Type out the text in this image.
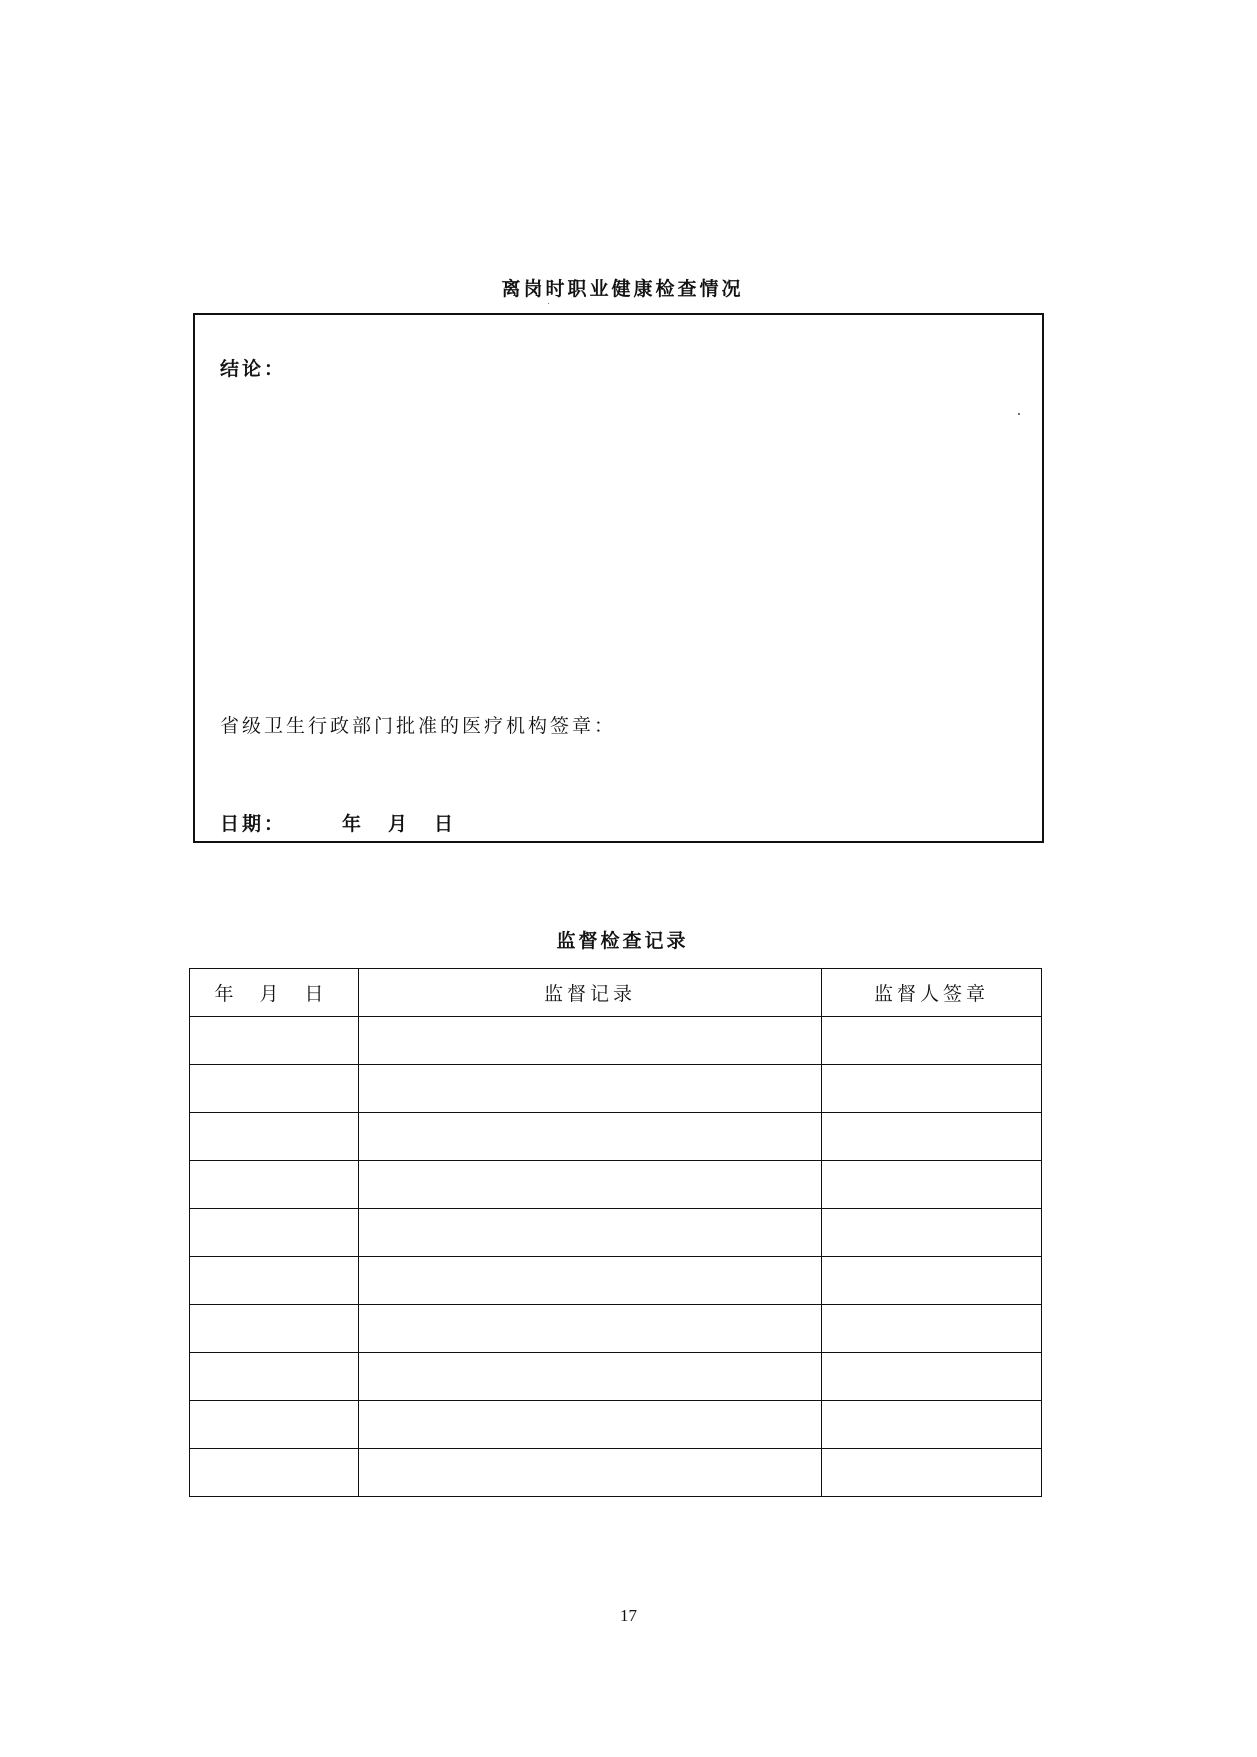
离岗时职业健康检查情况
结论：
省级卫生行政部门批准的医疗机构签章：
日期：	年 月 日
监督检查记录
年 月 日	监督记录	监督人签章

17
